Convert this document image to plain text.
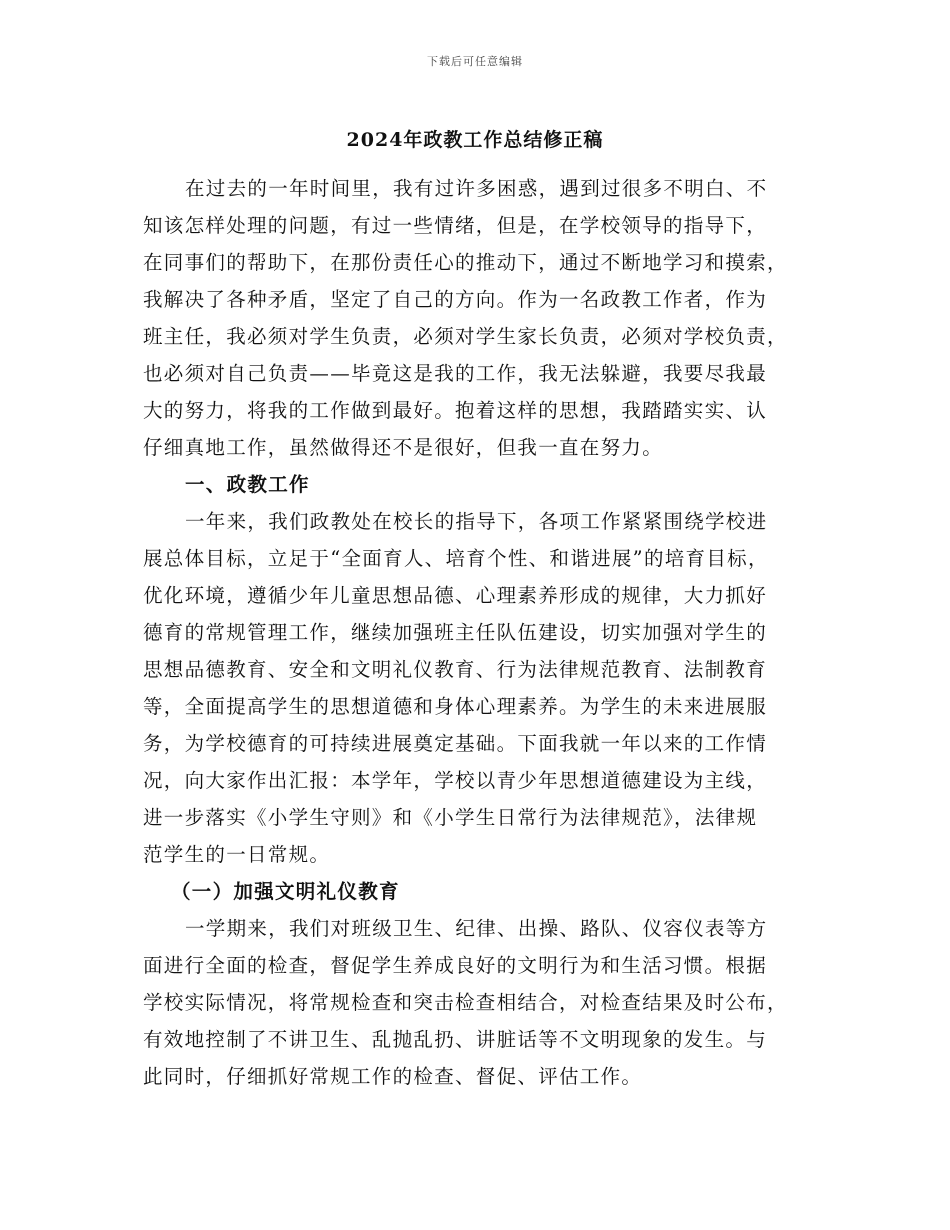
下载后可任意编辑
2024年政教工作总结修正稿
在过去的一年时间里，我有过许多困惑，遇到过很多不明白、不
知该怎样处理的问题，有过一些情绪，但是，在学校领导的指导下，
在同事们的帮助下，在那份责任心的推动下，通过不断地学习和摸索，
我解决了各种矛盾，坚定了自己的方向。作为一名政教工作者，作为
班主任，我必须对学生负责，必须对学生家长负责，必须对学校负责，
也必须对自己负责——毕竟这是我的工作，我无法躲避，我要尽我最
大的努力，将我的工作做到最好。抱着这样的思想，我踏踏实实、认
仔细真地工作，虽然做得还不是很好，但我一直在努力。
一、政教工作
一年来，我们政教处在校长的指导下，各项工作紧紧围绕学校进
展总体目标，立足于“全面育人、培育个性、和谐进展”的培育目标，
优化环境，遵循少年儿童思想品德、心理素养形成的规律，大力抓好
德育的常规管理工作，继续加强班主任队伍建设，切实加强对学生的
思想品德教育、安全和文明礼仪教育、行为法律规范教育、法制教育
等，全面提高学生的思想道德和身体心理素养。为学生的未来进展服
务，为学校德育的可持续进展奠定基础。下面我就一年以来的工作情
况，向大家作出汇报：本学年，学校以青少年思想道德建设为主线，
进一步落实《小学生守则》和《小学生日常行为法律规范》，法律规
范学生的一日常规。
（一）加强文明礼仪教育
一学期来，我们对班级卫生、纪律、出操、路队、仪容仪表等方
面进行全面的检查，督促学生养成良好的文明行为和生活习惯。根据
学校实际情况，将常规检查和突击检查相结合，对检查结果及时公布，
有效地控制了不讲卫生、乱抛乱扔、讲脏话等不文明现象的发生。与
此同时，仔细抓好常规工作的检查、督促、评估工作。
